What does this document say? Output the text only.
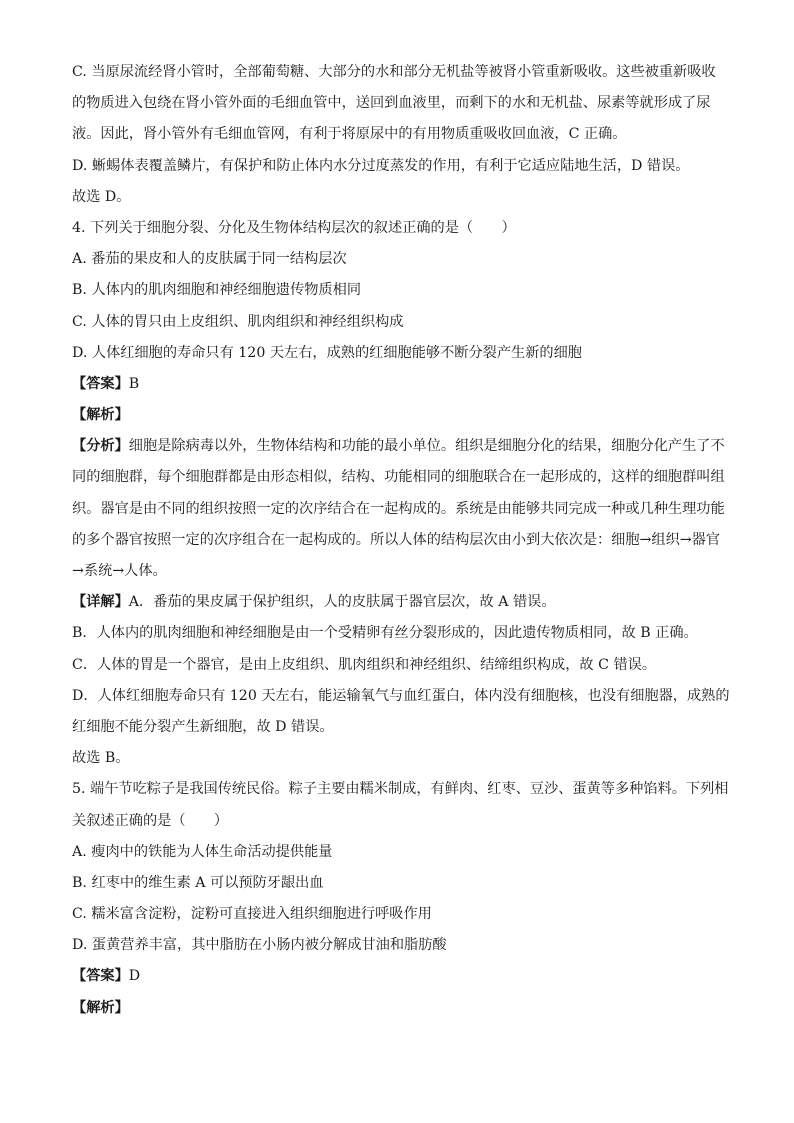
C. 当原尿流经肾小管时，全部葡萄糖、大部分的水和部分无机盐等被肾小管重新吸收。这些被重新吸收

的物质进入包绕在肾小管外面的毛细血管中，送回到血液里，而剩下的水和无机盐、尿素等就形成了尿

液。因此，肾小管外有毛细血管网，有利于将原尿中的有用物质重吸收回血液，C 正确。

D. 蜥蜴体表覆盖鳞片，有保护和防止体内水分过度蒸发的作用，有利于它适应陆地生活，D 错误。

故选 D。

4. 下列关于细胞分裂、分化及生物体结构层次的叙述正确的是（　　）

A. 番茄的果皮和人的皮肤属于同一结构层次

B. 人体内的肌肉细胞和神经细胞遗传物质相同

C. 人体的胃只由上皮组织、肌肉组织和神经组织构成

D. 人体红细胞的寿命只有 120 天左右，成熟的红细胞能够不断分裂产生新的细胞

【答案】B

【解析】

【分析】细胞是除病毒以外，生物体结构和功能的最小单位。组织是细胞分化的结果，细胞分化产生了不

同的细胞群，每个细胞群都是由形态相似，结构、功能相同的细胞联合在一起形成的，这样的细胞群叫组

织。器官是由不同的组织按照一定的次序结合在一起构成的。系统是由能够共同完成一种或几种生理功能

的多个器官按照一定的次序组合在一起构成的。所以人体的结构层次由小到大依次是：细胞→组织→器官

→系统→人体。

【详解】A．番茄的果皮属于保护组织，人的皮肤属于器官层次，故 A 错误。

B．人体内的肌肉细胞和神经细胞是由一个受精卵有丝分裂形成的，因此遗传物质相同，故 B 正确。

C．人体的胃是一个器官，是由上皮组织、肌肉组织和神经组织、结缔组织构成，故 C 错误。

D．人体红细胞寿命只有 120 天左右，能运输氧气与血红蛋白，体内没有细胞核，也没有细胞器，成熟的

红细胞不能分裂产生新细胞，故 D 错误。

故选 B。

5. 端午节吃粽子是我国传统民俗。粽子主要由糯米制成，有鲜肉、红枣、豆沙、蛋黄等多种馅料。下列相

关叙述正确的是（　　）

A. 瘦肉中的铁能为人体生命活动提供能量

B. 红枣中的维生素 A 可以预防牙龈出血

C. 糯米富含淀粉，淀粉可直接进入组织细胞进行呼吸作用

D. 蛋黄营养丰富，其中脂肪在小肠内被分解成甘油和脂肪酸

【答案】D

【解析】
